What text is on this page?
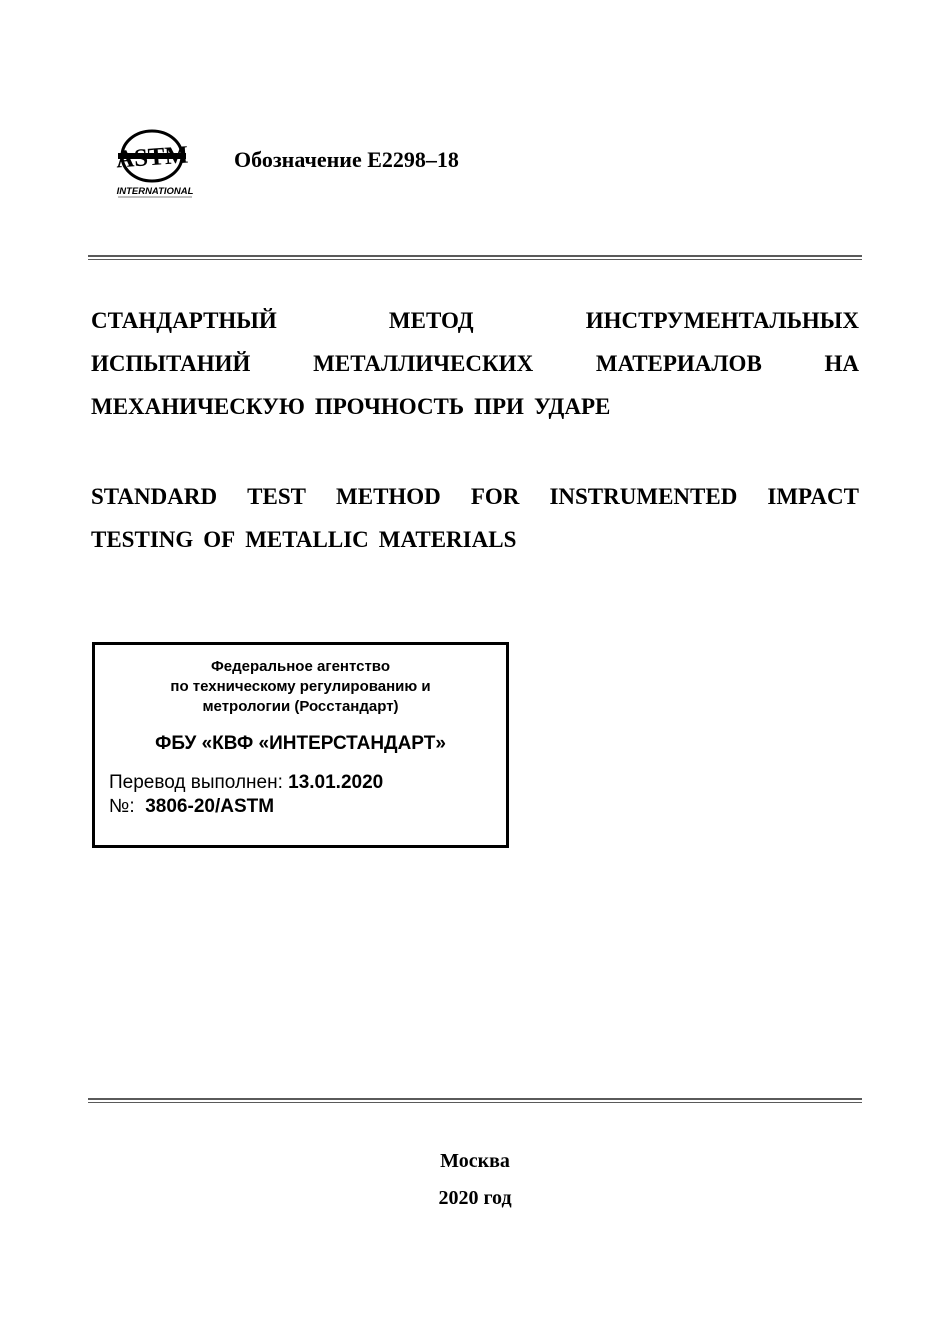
ASTM
INTERNATIONAL
Обозначение E2298–18
СТАНДАРТНЫЙ	МЕТОД	ИНСТРУМЕНТАЛЬНЫХ
ИСПЫТАНИЙ	МЕТАЛЛИЧЕСКИХ	МАТЕРИАЛОВ	НА
МЕХАНИЧЕСКУЮ ПРОЧНОСТЬ ПРИ УДАРЕ
STANDARD TEST METHOD FOR INSTRUMENTED IMPACT
TESTING OF METALLIC MATERIALS
Федеральное агентство
по техническому регулированию и
метрологии (Росстандарт)
ФБУ «КВФ «ИНТЕРСТАНДАРТ»
Перевод выполнен: 13.01.2020
№: 3806-20/ASTM
Москва
2020 год
